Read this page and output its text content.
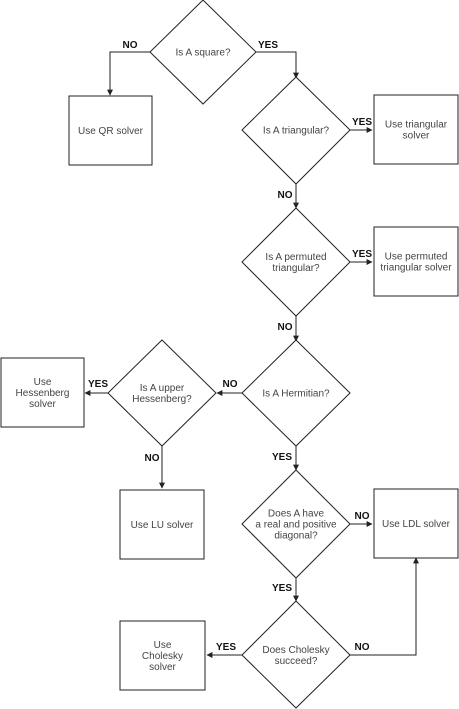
NO	YES
YES
NO
YES
NO
NO
YES
NO	YES
NO
YES
YES	NO
Is A square?
Is A triangular?
Is A permuted triangular?
Is A Hermitian?
Is A upper Hessenberg?
Does A have a real and positive diagonal?
Does Cholesky succeed?
Use QR solver
Use triangular solver
Use permuted triangular solver
Use Hessenberg solver
Use LU solver	Use LDL solver
Use Cholesky solver
